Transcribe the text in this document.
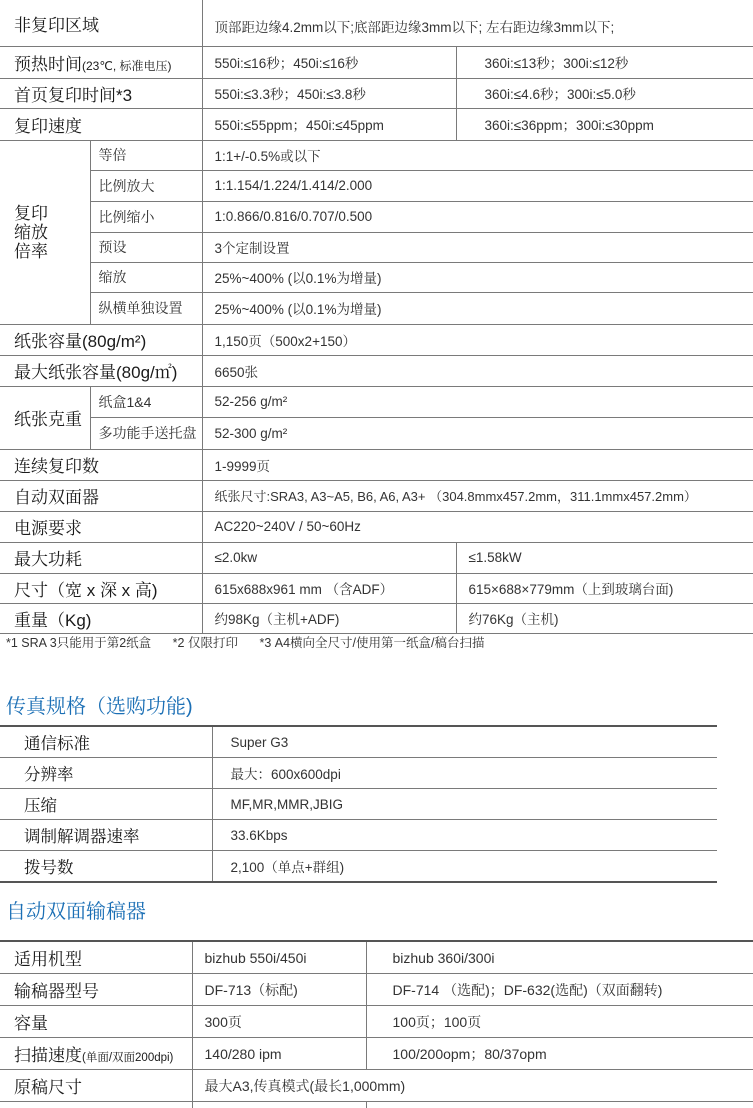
非复印区域		顶部距边缘4.2mm以下;底部距边缘3mm以下; 左右距边缘3mm以下;	
预热时间(23℃, 标准电压)		550i:≤16秒；450i:≤16秒	360i:≤13秒；300i:≤12秒
首页复印时间*3		550i:≤3.3秒；450i:≤3.8秒	360i:≤4.6秒；300i:≤5.0秒
复印速度		550i:≤55ppm；450i:≤45ppm	360i:≤36ppm；300i:≤30ppm

复印缩放倍率	等倍	1:1+/-0.5%或以下	
	比例放大	1:1.154/1.224/1.414/2.000	
	比例缩小	1:0.866/0.816/0.707/0.500	
	预设	3个定制设置	
	缩放	25%~400% (以0.1%为增量)	
	纵横单独设置	25%~400% (以0.1%为增量)	
纸张容量(80g/m²)		1,150页（500x2+150）	
最大纸张容量(80g/㎡)		6650张	
纸张克重	纸盒1&4	52-256 g/m²	
	多功能手送托盘	52-300 g/m²	
连续复印数		1-9999页	
自动双面器		纸张尺寸:SRA3, A3~A5, B6, A6, A3+ （304.8mmx457.2mm，311.1mmx457.2mm）	
电源要求		AC220~240V / 50~60Hz	
最大功耗		≤2.0kw	≤1.58kW
尺寸（宽 x 深 x 高)		615x688x961 mm （含ADF）	615×688×779mm（上到玻璃台面)
重量（Kg)		约98Kg（主机+ADF)	约76Kg（主机)
*1 SRA 3只能用于第2纸盒 *2 仅限打印 *3 A4横向全尺寸/使用第一纸盒/稿台扫描
传真规格（选购功能)
通信标准	Super G3
分辨率	最大：600x600dpi
压缩	MF,MR,MMR,JBIG
调制解调器速率	33.6Kbps
拨号数	2,100（单点+群组)
自动双面输稿器
适用机型	bizhub 550i/450i	bizhub 360i/300i
输稿器型号	DF-713（标配)	DF-714 （选配)；DF-632(选配)（双面翻转)
容量	300页	100页；100页
扫描速度(单面/双面200dpi)	140/280 ipm	100/200opm；80/37opm
原稿尺寸	最大A3,传真模式(最长1,000mm)	
